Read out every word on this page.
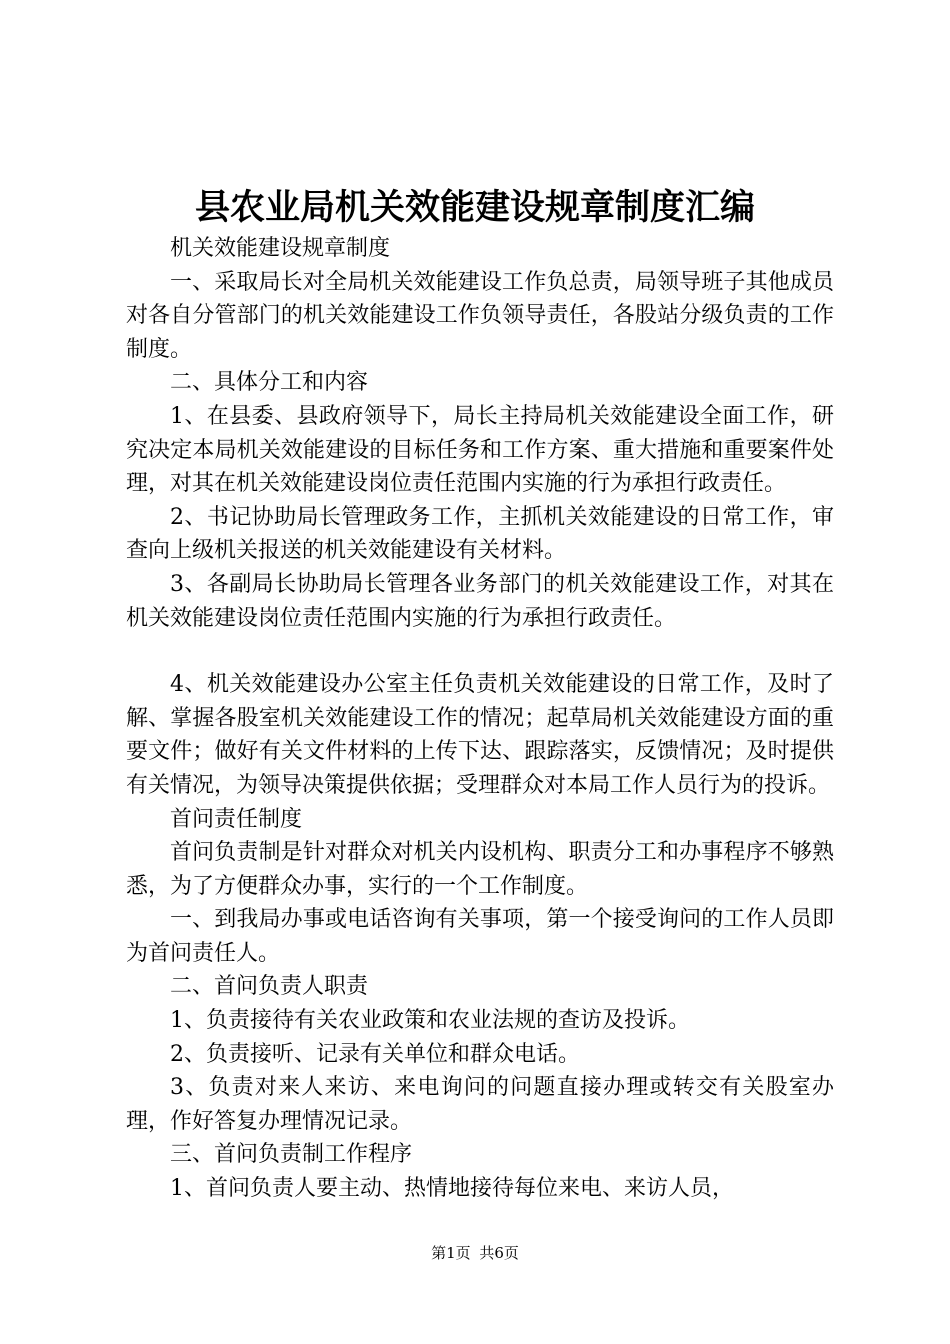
县农业局机关效能建设规章制度汇编

机关效能建设规章制度

一、采取局长对全局机关效能建设工作负总责，局领导班子其他成员对各自分管部门的机关效能建设工作负领导责任，各股站分级负责的工作制度。

二、具体分工和内容

1、在县委、县政府领导下，局长主持局机关效能建设全面工作，研究决定本局机关效能建设的目标任务和工作方案、重大措施和重要案件处理，对其在机关效能建设岗位责任范围内实施的行为承担行政责任。

2、书记协助局长管理政务工作，主抓机关效能建设的日常工作，审查向上级机关报送的机关效能建设有关材料。

3、各副局长协助局长管理各业务部门的机关效能建设工作，对其在机关效能建设岗位责任范围内实施的行为承担行政责任。

4、机关效能建设办公室主任负责机关效能建设的日常工作，及时了解、掌握各股室机关效能建设工作的情况；起草局机关效能建设方面的重要文件；做好有关文件材料的上传下达、跟踪落实，反馈情况；及时提供有关情况，为领导决策提供依据；受理群众对本局工作人员行为的投诉。

首问责任制度

首问负责制是针对群众对机关内设机构、职责分工和办事程序不够熟悉，为了方便群众办事，实行的一个工作制度。

一、到我局办事或电话咨询有关事项，第一个接受询问的工作人员即为首问责任人。

二、首问负责人职责

1、负责接待有关农业政策和农业法规的查访及投诉。

2、负责接听、记录有关单位和群众电话。

3、负责对来人来访、来电询问的问题直接办理或转交有关股室办理，作好答复办理情况记录。

三、首问负责制工作程序

1、首问负责人要主动、热情地接待每位来电、来访人员，

第1页 共6页
